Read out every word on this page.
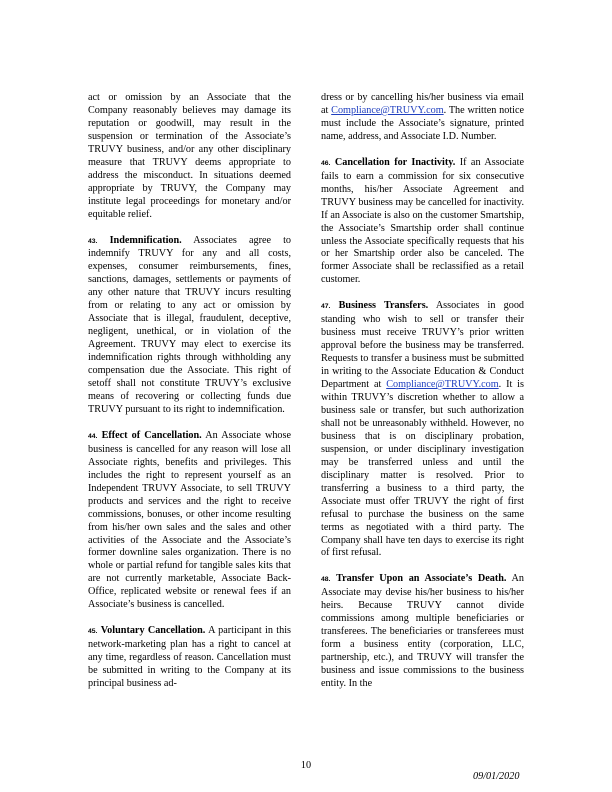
act or omission by an Associate that the Company reasonably believes may damage its reputation or goodwill, may result in the suspension or termination of the Associate’s TRUVY business, and/or any other disciplinary measure that TRUVY deems appropriate to address the misconduct. In situations deemed appropriate by TRUVY, the Company may institute legal proceedings for monetary and/or equitable relief.

43. Indemnification. Associates agree to indemnify TRUVY for any and all costs, expenses, consumer reimbursements, fines, sanctions, damages, settlements or payments of any other nature that TRUVY incurs resulting from or relating to any act or omission by Associate that is illegal, fraudulent, deceptive, negligent, unethical, or in violation of the Agreement. TRUVY may elect to exercise its indemnification rights through withholding any compensation due the Associate. This right of setoff shall not constitute TRUVY’s exclusive means of recovering or collecting funds due TRUVY pursuant to its right to indemnification.

44. Effect of Cancellation. An Associate whose business is cancelled for any reason will lose all Associate rights, benefits and privileges. This includes the right to represent yourself as an Independent TRUVY Associate, to sell TRUVY products and services and the right to receive commissions, bonuses, or other income resulting from his/her own sales and the sales and other activities of the Associate and the Associate’s former downline sales organization. There is no whole or partial refund for tangible sales kits that are not currently marketable, Associate Back-Office, replicated website or renewal fees if an Associate’s business is cancelled.

45. Voluntary Cancellation. A participant in this network-marketing plan has a right to cancel at any time, regardless of reason. Cancellation must be submitted in writing to the Company at its principal business ad-

dress or by cancelling his/her business via email at Compliance@TRUVY.com. The written notice must include the Associate’s signature, printed name, address, and Associate I.D. Number.

46. Cancellation for Inactivity. If an Associate fails to earn a commission for six consecutive months, his/her Associate Agreement and TRUVY business may be cancelled for inactivity. If an Associate is also on the customer Smartship, the Associate’s Smartship order shall continue unless the Associate specifically requests that his or her Smartship order also be canceled. The former Associate shall be reclassified as a retail customer.

47. Business Transfers. Associates in good standing who wish to sell or transfer their business must receive TRUVY’s prior written approval before the business may be transferred. Requests to transfer a business must be submitted in writing to the Associate Education & Conduct Department at Compliance@TRUVY.com. It is within TRUVY’s discretion whether to allow a business sale or transfer, but such authorization shall not be unreasonably withheld. However, no business that is on disciplinary probation, suspension, or under disciplinary investigation may be transferred unless and until the disciplinary matter is resolved. Prior to transferring a business to a third party, the Associate must offer TRUVY the right of first refusal to purchase the business on the same terms as negotiated with a third party. The Company shall have ten days to exercise its right of first refusal.

48. Transfer Upon an Associate’s Death. An Associate may devise his/her business to his/her heirs. Because TRUVY cannot divide commissions among multiple beneficiaries or transferees. The beneficiaries or transferees must form a business entity (corporation, LLC, partnership, etc.), and TRUVY will transfer the business and issue commissions to the business entity. In the

10
09/01/2020
